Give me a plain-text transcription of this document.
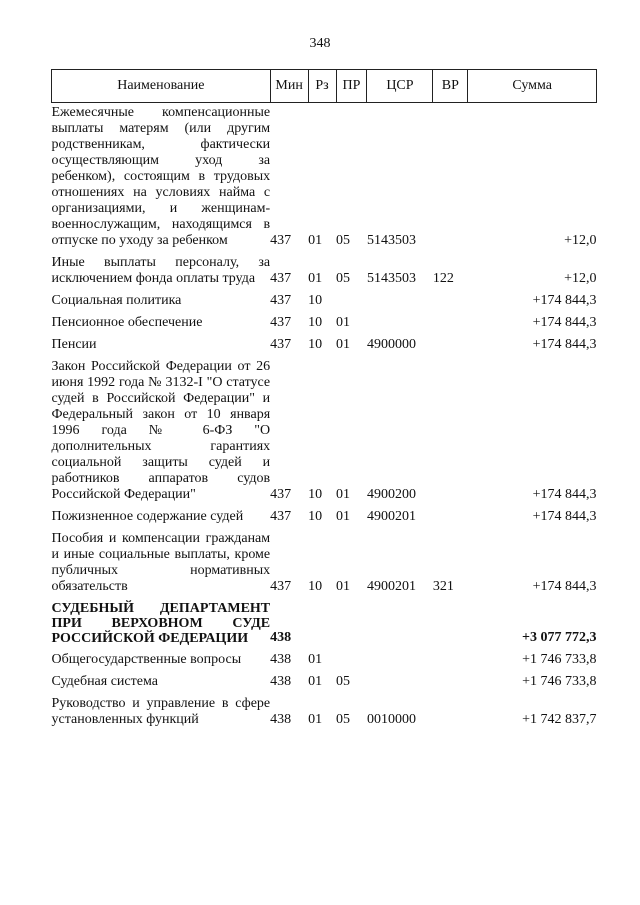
348
Наименование	Мин	Рз	ПР	ЦСР	ВР	Сумма
Ежемесячные компенсационные выплаты матерям (или другим родственникам, фактически осуществляющим уход за ребенком), состоящим в трудовых отношениях на условиях найма с организациями, и женщинам-военнослужащим, находящимся в отпуске по уходу за ребенком	437	01	05	5143503		+12,0
Иные выплаты персоналу, за исключением фонда оплаты труда	437	01	05	5143503	122	+12,0
Социальная политика	437	10				+174 844,3
Пенсионное обеспечение	437	10	01			+174 844,3
Пенсии	437	10	01	4900000		+174 844,3
Закон Российской Федерации от 26 июня 1992 года № 3132-I "О статусе судей в Российской Федерации" и Федеральный закон от 10 января 1996 года № 6-ФЗ "О дополнительных гарантиях социальной защиты судей и работников аппаратов судов Российской Федерации"	437	10	01	4900200		+174 844,3
Пожизненное содержание судей	437	10	01	4900201		+174 844,3
Пособия и компенсации гражданам и иные социальные выплаты, кроме публичных нормативных обязательств	437	10	01	4900201	321	+174 844,3
СУДЕБНЫЙ ДЕПАРТАМЕНТ ПРИ ВЕРХОВНОМ СУДЕ РОССИЙСКОЙ ФЕДЕРАЦИИ	438					+3 077 772,3
Общегосударственные вопросы	438	01				+1 746 733,8
Судебная система	438	01	05			+1 746 733,8
Руководство и управление в сфере установленных функций	438	01	05	0010000		+1 742 837,7
